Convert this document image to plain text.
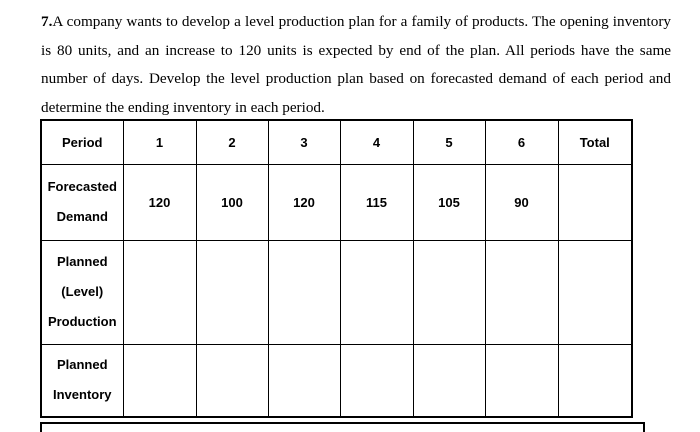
7.A company wants to develop a level production plan for a family of products. The opening inventory is 80 units, and an increase to 120 units is expected by end of the plan. All periods have the same number of days. Develop the level production plan based on forecasted demand of each period and determine the ending inventory in each period.
Period	1	2	3	4	5	6	Total

Forecasted
Demand	120	100	120	115	105	90	

Planned
(Level)
Production							

Planned
Inventory							
